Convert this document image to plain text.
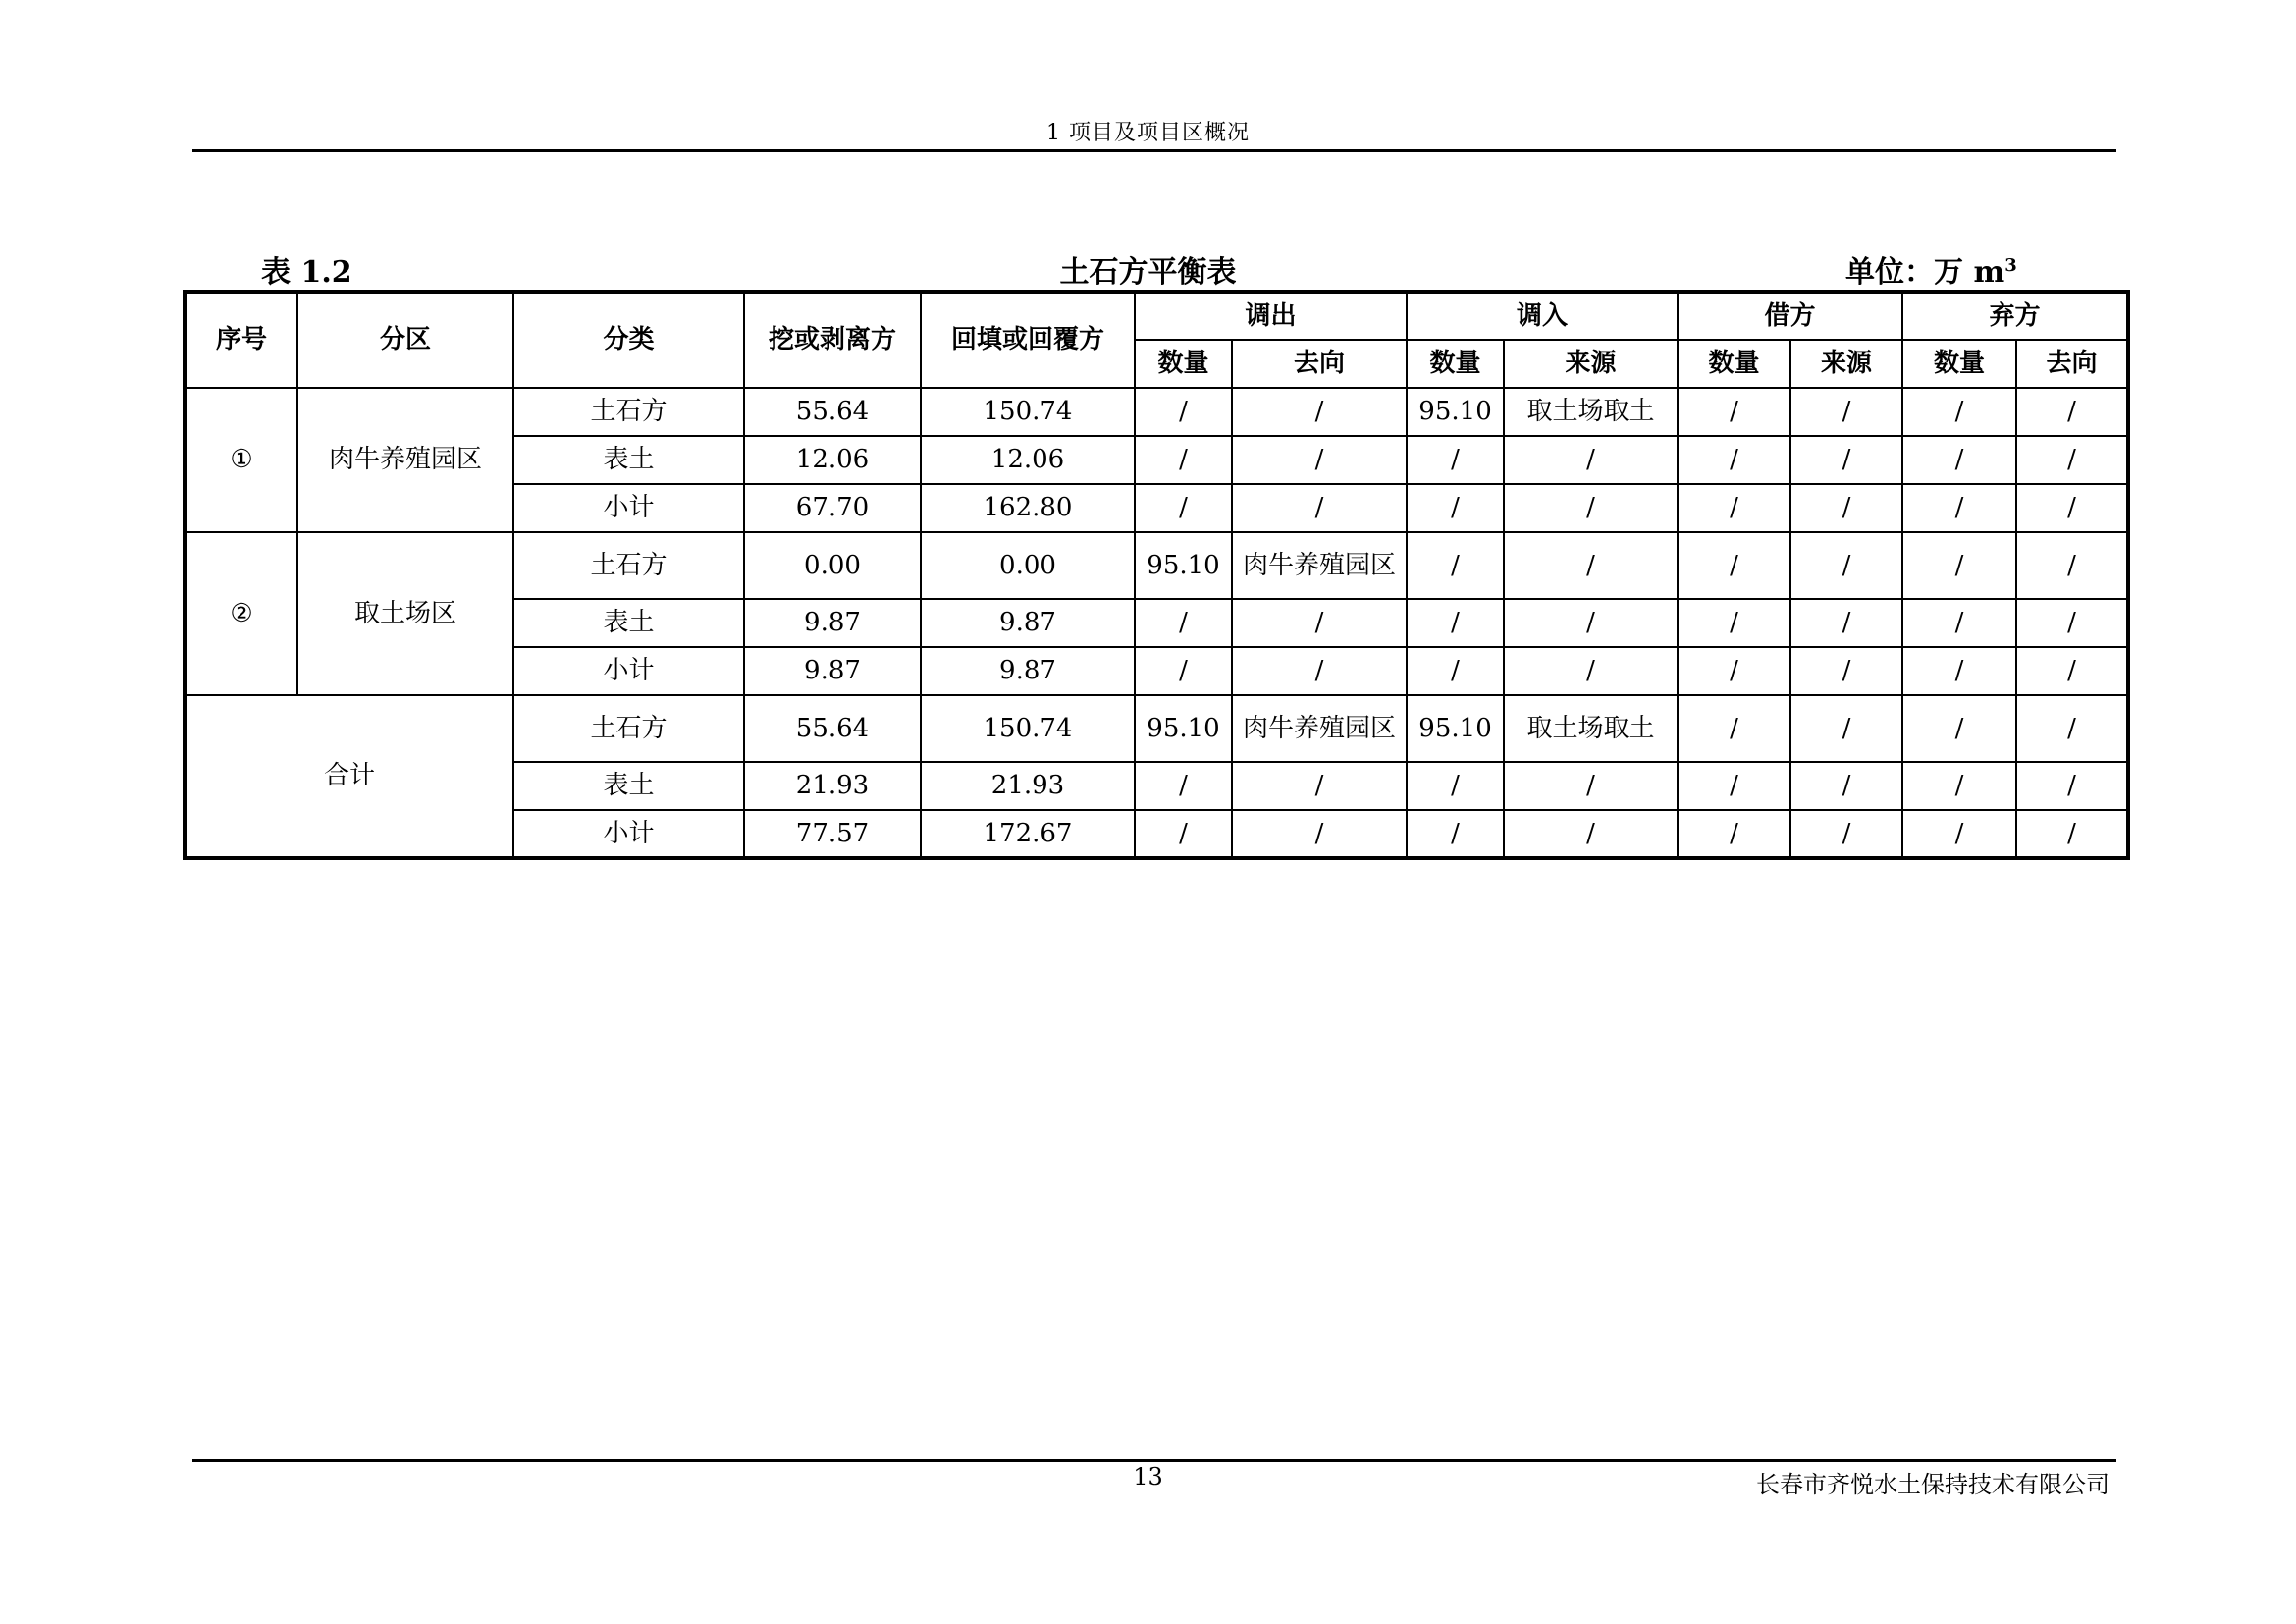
1 项目及项目区概况
表 1.2	土石方平衡表	单位：万 $m^3$
序号	分区	分类	挖或剥离方	回填或回覆方	调出		调入		借方		弃方	
					数量	去向	数量	来源	数量	来源	数量	去向
①	肉牛养殖园区	土石方	55.64	150.74	/	/	95.10	取土场取土	/	/	/	/
		表土	12.06	12.06	/	/	/	/	/	/	/	/
		小计	67.70	162.80	/	/	/	/	/	/	/	/
②	取土场区	土石方	0.00	0.00	95.10	肉牛养殖园区	/	/	/	/	/	/
		表土	9.87	9.87	/	/	/	/	/	/	/	/
		小计	9.87	9.87	/	/	/	/	/	/	/	/
合计		土石方	55.64	150.74	95.10	肉牛养殖园区	95.10	取土场取土	/	/	/	/
		表土	21.93	21.93	/	/	/	/	/	/	/	/
		小计	77.57	172.67	/	/	/	/	/	/	/	/
13	长春市齐悦水土保持技术有限公司
